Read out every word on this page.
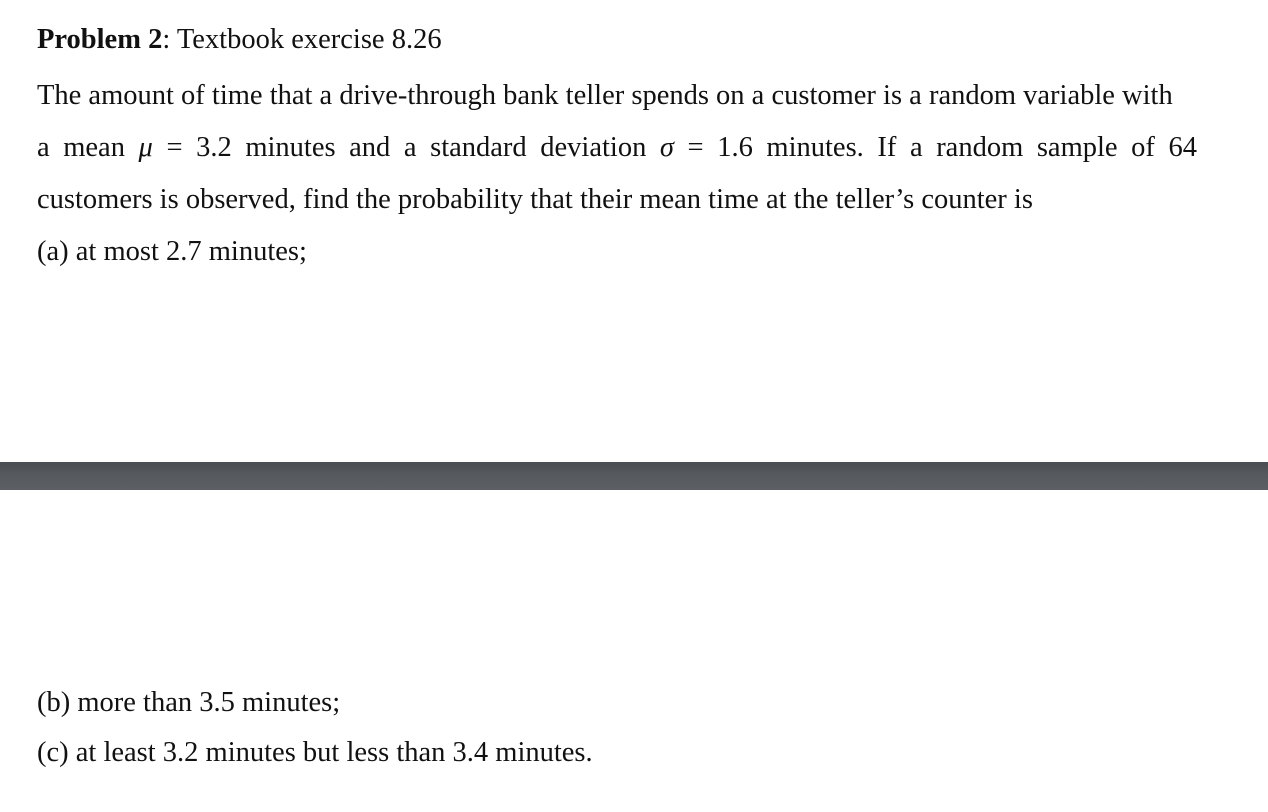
Problem 2: Textbook exercise 8.26
The amount of time that a drive-through bank teller spends on a customer is a random variable with
a mean μ = 3.2 minutes and a standard deviation σ = 1.6 minutes. If a random sample of 64
customers is observed, find the probability that their mean time at the teller’s counter is
(a) at most 2.7 minutes;
(b) more than 3.5 minutes;
(c) at least 3.2 minutes but less than 3.4 minutes.
